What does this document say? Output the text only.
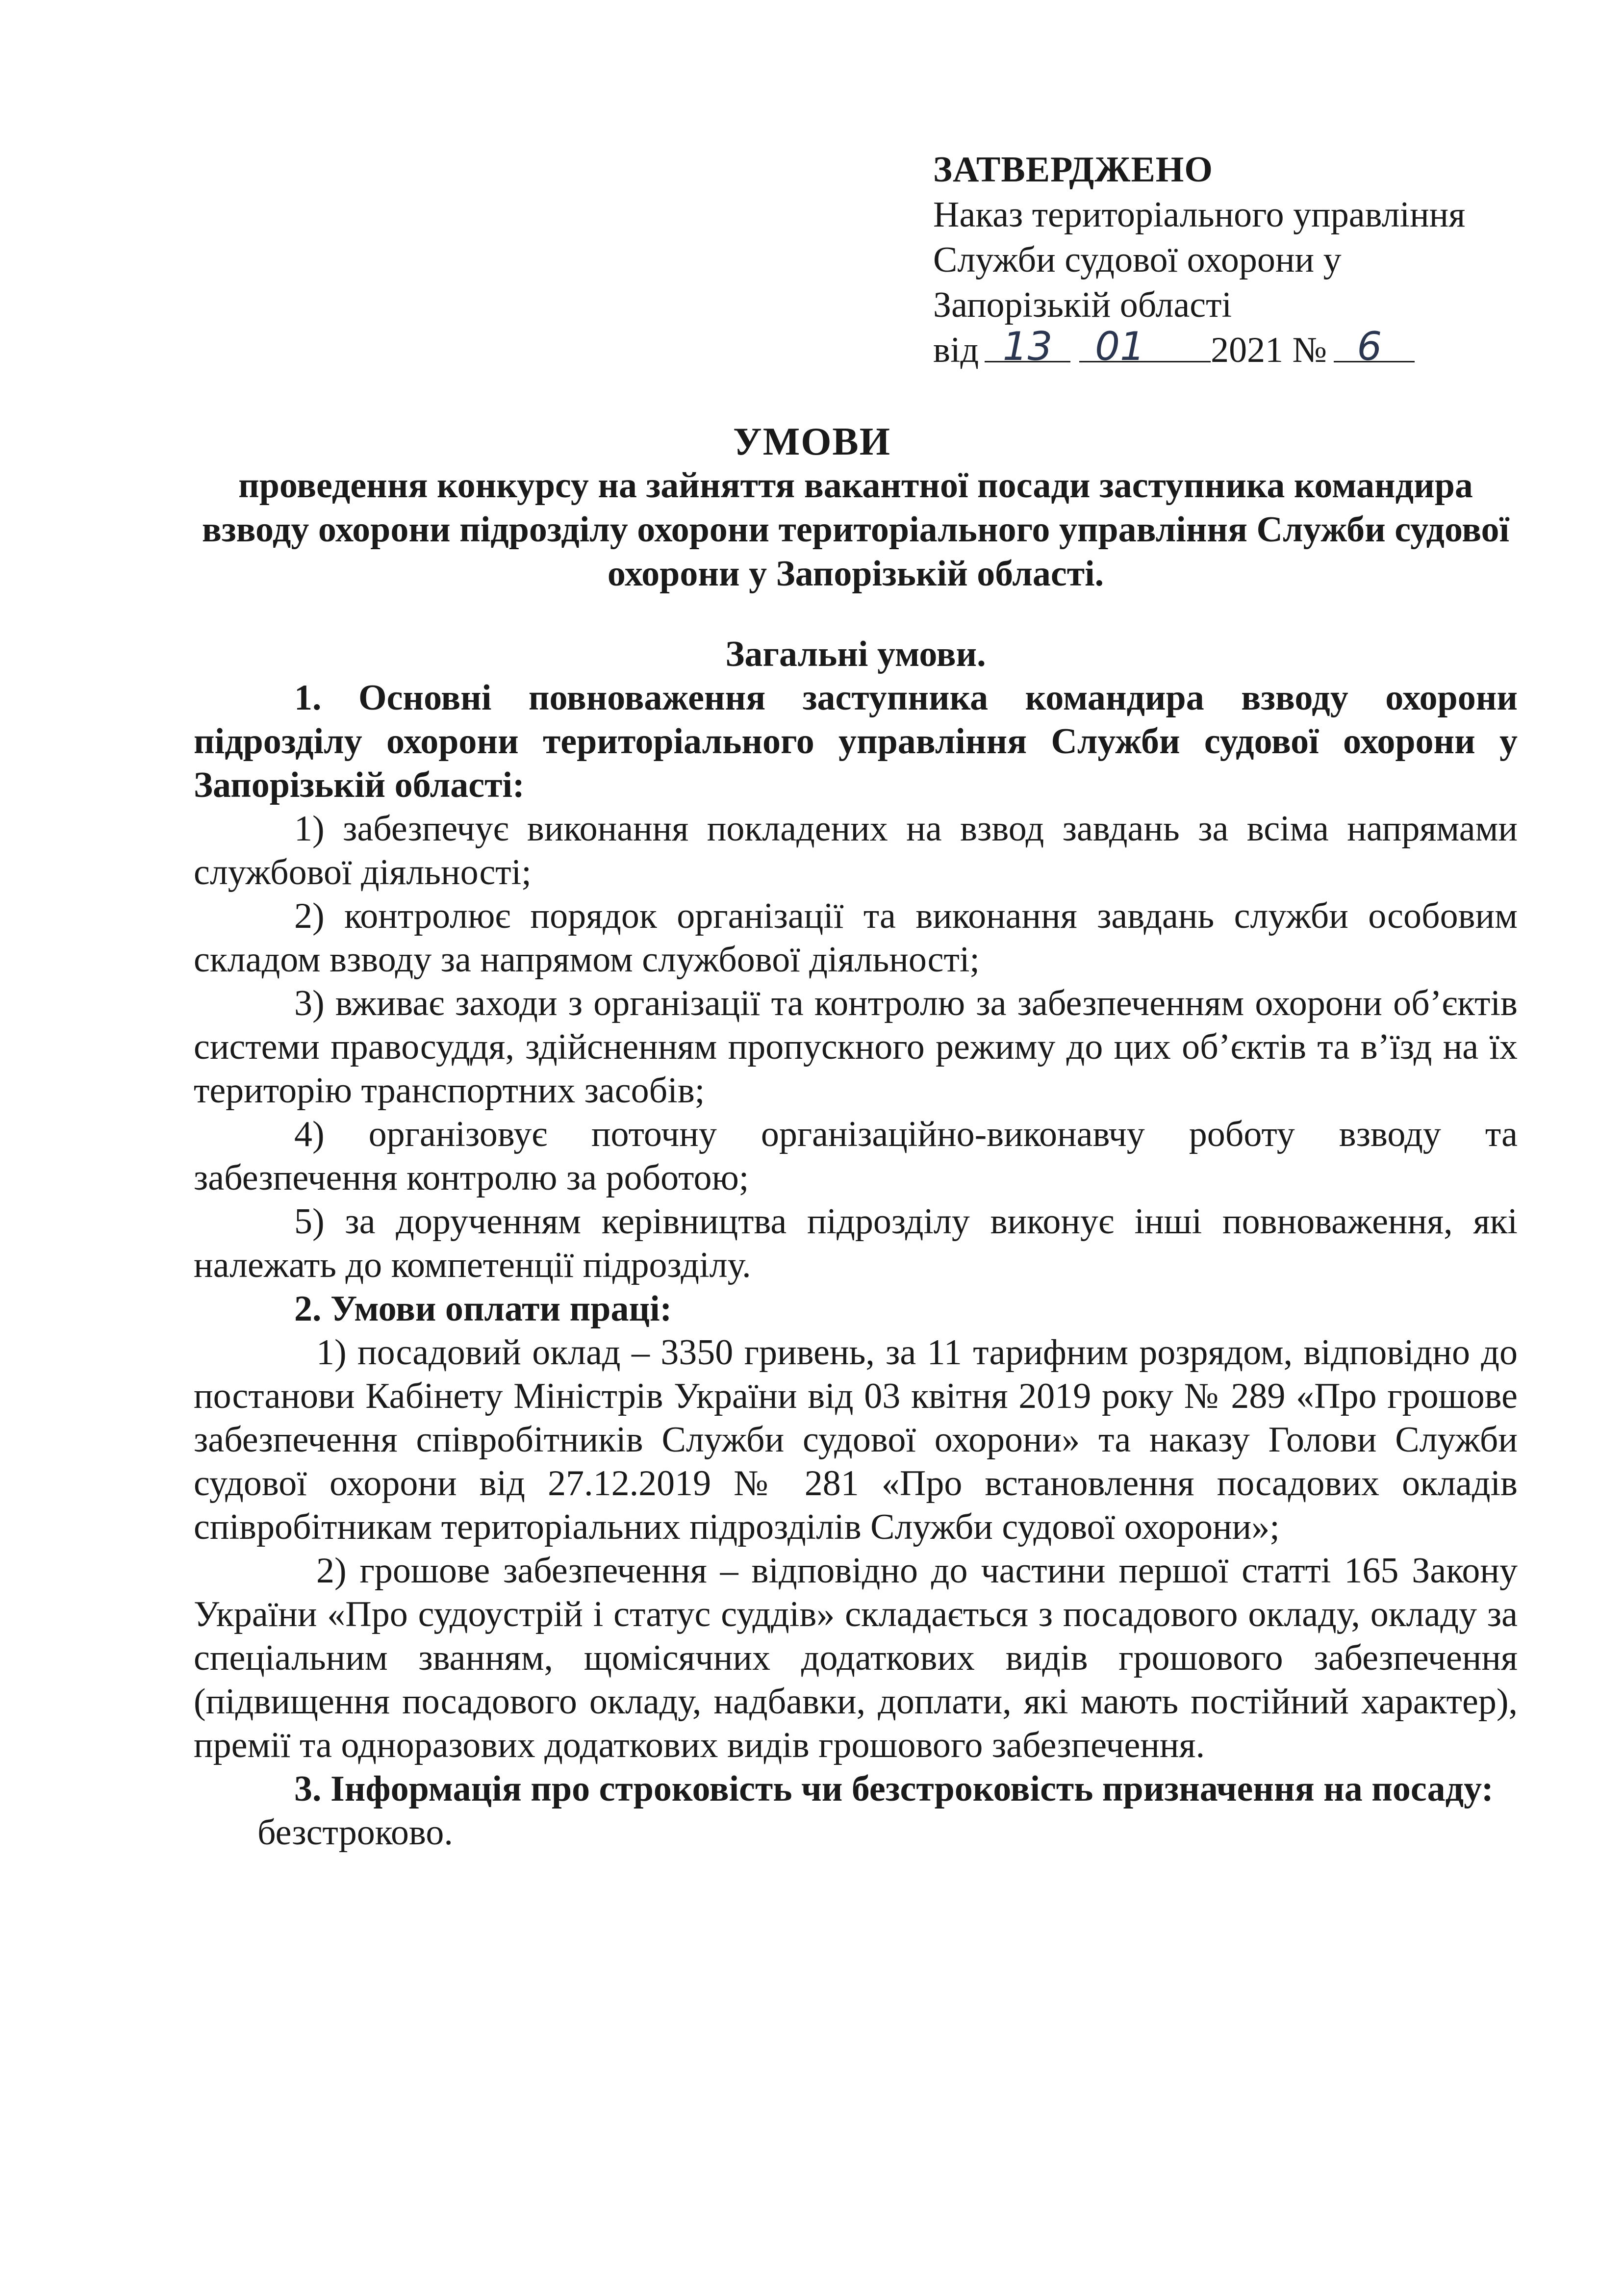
ЗАТВЕРДЖЕНО
Наказ територіального управління
Служби судової охорони у
Запорізькій області
від 13	01	2021 № 6
УМОВИ
проведення конкурсу на зайняття вакантної посади заступника командира взводу охорони підрозділу охорони територіального управління Служби судової охорони у Запорізькій області.

Загальні умови.

1. Основні повноваження заступника командира взводу охорони підрозділу охорони територіального управління Служби судової охорони у Запорізькій області:

1) забезпечує виконання покладених на взвод завдань за всіма напрямами службової діяльності;

2) контролює порядок організації та виконання завдань служби особовим складом взводу за напрямом службової діяльності;

3) вживає заходи з організації та контролю за забезпеченням охорони об’єктів системи правосуддя, здійсненням пропускного режиму до цих об’єктів та в’їзд на їх територію транспортних засобів;

4) організовує поточну організаційно-виконавчу роботу взводу та забезпечення контролю за роботою;

5) за дорученням керівництва підрозділу виконує інші повноваження, які належать до компетенції підрозділу.

2. Умови оплати праці:

1) посадовий оклад – 3350 гривень, за 11 тарифним розрядом, відповідно до постанови Кабінету Міністрів України від 03 квітня 2019 року № 289 «Про грошове забезпечення співробітників Служби судової охорони» та наказу Голови Служби судової охорони від 27.12.2019 № 281 «Про встановлення посадових окладів співробітникам територіальних підрозділів Служби судової охорони»;

2) грошове забезпечення – відповідно до частини першої статті 165 Закону України «Про судоустрій і статус суддів» складається з посадового окладу, окладу за спеціальним званням, щомісячних додаткових видів грошового забезпечення (підвищення посадового окладу, надбавки, доплати, які мають постійний характер), премії та одноразових додаткових видів грошового забезпечення.

3. Інформація про строковість чи безстроковість призначення на посаду:

безстроково.
